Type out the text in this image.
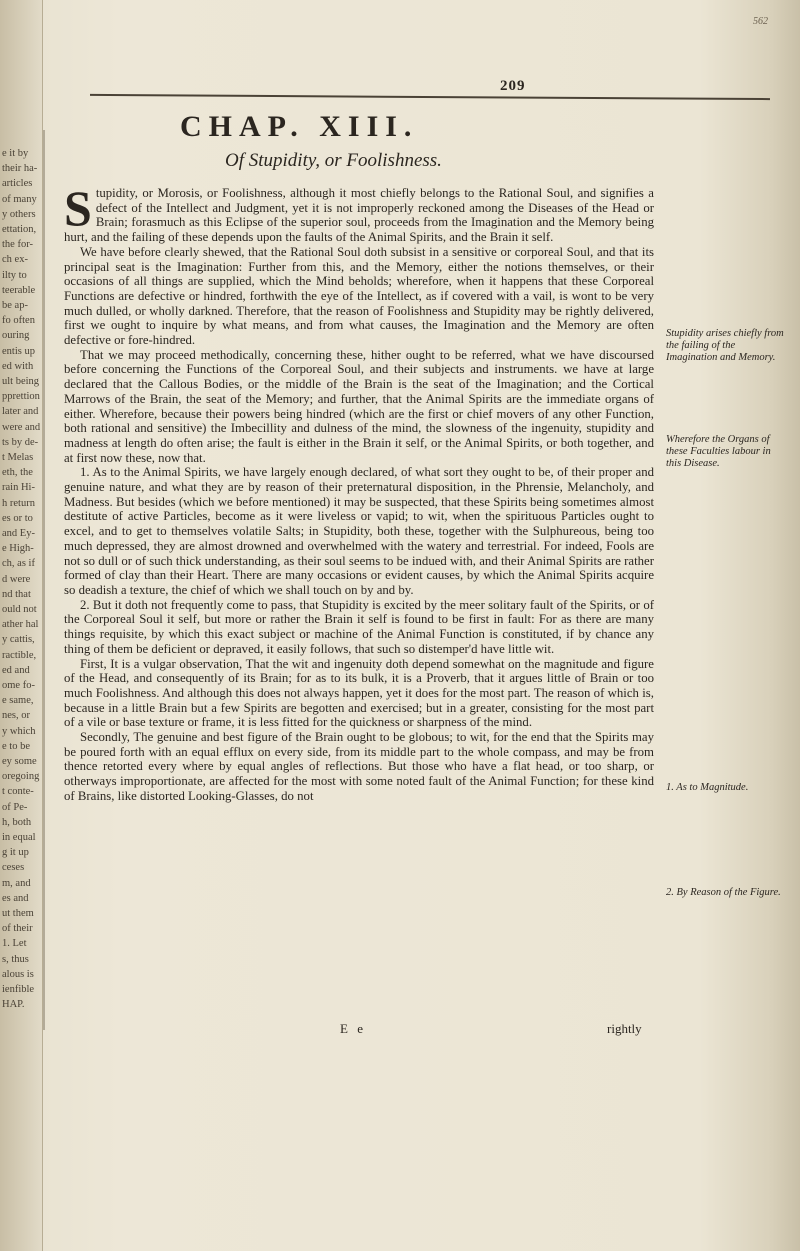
e it by
their ha-
articles
of many
y others
ettation,
the for-
ch ex-
ilty to
teerable
be ap-
fo often
ouring
entis up
ed with
ult being
pprettion
later and
were and
ts by de-
t Melas
eth, the
rain Hi-
h return
es or to
and Ey-
e High-
ch, as if
d were
nd that
ould not
ather hal
y cattis,
ractible,
ed and
ome fo-
e same,
nes, or
y which
e to be
ey some
oregoing
t conte-
of Pe-
h, both
in equal
g it up
ceses
m, and
es and
ut them
of their
1. Let
s, thus
alous is
ienfible
HAP.
562
209
CHAP. XIII.
Of Stupidity, or Foolishness.

Stupidity, or Morosis, or Foolishness, although it most chiefly belongs to the Rational Soul, and signifies a defect of the Intellect and Judgment, yet it is not improperly reckoned among the Diseases of the Head or Brain; forasmuch as this Eclipse of the superior soul, proceeds from the Imagination and the Memory being hurt, and the failing of these depends upon the faults of the Animal Spirits, and the Brain it self.

We have before clearly shewed, that the Rational Soul doth subsist in a sensitive or corporeal Soul, and that its principal seat is the Imagination: Further from this, and the Memory, either the notions themselves, or their occasions of all things are supplied, which the Mind beholds; wherefore, when it happens that these Corporeal Functions are defective or hindred, forthwith the eye of the Intellect, as if covered with a vail, is wont to be very much dulled, or wholly darkned. Therefore, that the reason of Foolishness and Stupidity may be rightly delivered, first we ought to inquire by what means, and from what causes, the Imagination and the Memory are often defective or fore-hindred.

That we may proceed methodically, concerning these, hither ought to be referred, what we have discoursed before concerning the Functions of the Corporeal Soul, and their subjects and instruments. we have at large declared that the Callous Bodies, or the middle of the Brain is the seat of the Imagination; and the Cortical Marrows of the Brain, the seat of the Memory; and further, that the Animal Spirits are the immediate organs of either. Wherefore, because their powers being hindred (which are the first or chief movers of any other Function, both rational and sensitive) the Imbecillity and dulness of the mind, the slowness of the ingenuity, stupidity and madness at length do often arise; the fault is either in the Brain it self, or the Animal Spirits, or both together, and at first now these, now that.

1. As to the Animal Spirits, we have largely enough declared, of what sort they ought to be, of their proper and genuine nature, and what they are by reason of their preternatural disposition, in the Phrensie, Melancholy, and Madness. But besides (which we before mentioned) it may be suspected, that these Spirits being sometimes almost destitute of active Particles, become as it were liveless or vapid; to wit, when the spirituous Particles ought to excel, and to get to themselves volatile Salts; in Stupidity, both these, together with the Sulphureous, being too much depressed, they are almost drowned and overwhelmed with the watery and terrestrial. For indeed, Fools are not so dull or of such thick understanding, as their soul seems to be indued with, and their Animal Spirits are rather formed of clay than their Heart. There are many occasions or evident causes, by which the Animal Spirits acquire so deadish a texture, the chief of which we shall touch on by and by.

2. But it doth not frequently come to pass, that Stupidity is excited by the meer solitary fault of the Spirits, or of the Corporeal Soul it self, but more or rather the Brain it self is found to be first in fault: For as there are many things requisite, by which this exact subject or machine of the Animal Function is constituted, if by chance any thing of them be deficient or depraved, it easily follows, that such so distemper'd have little wit.

First, It is a vulgar observation, That the wit and ingenuity doth depend somewhat on the magnitude and figure of the Head, and consequently of its Brain; for as to its bulk, it is a Proverb, that it argues little of Brain or too much Foolishness. And although this does not always happen, yet it does for the most part. The reason of which is, because in a little Brain but a few Spirits are begotten and exercised; but in a greater, consisting for the most part of a vile or base texture or frame, it is less fitted for the quickness or sharpness of the mind.

Secondly, The genuine and best figure of the Brain ought to be globous; to wit, for the end that the Spirits may be poured forth with an equal efflux on every side, from its middle part to the whole compass, and may be from thence retorted every where by equal angles of reflections. But those who have a flat head, or too sharp, or otherways improportionate, are affected for the most with some noted fault of the Animal Function; for these kind of Brains, like distorted Looking-Glasses, do not

Stupidity arises chiefly from the failing of the Imagination and Memory.
Wherefore the Organs of these Faculties labour in this Disease.
1. As to Magnitude.
2. By Reason of the Figure.
E e	rightly
